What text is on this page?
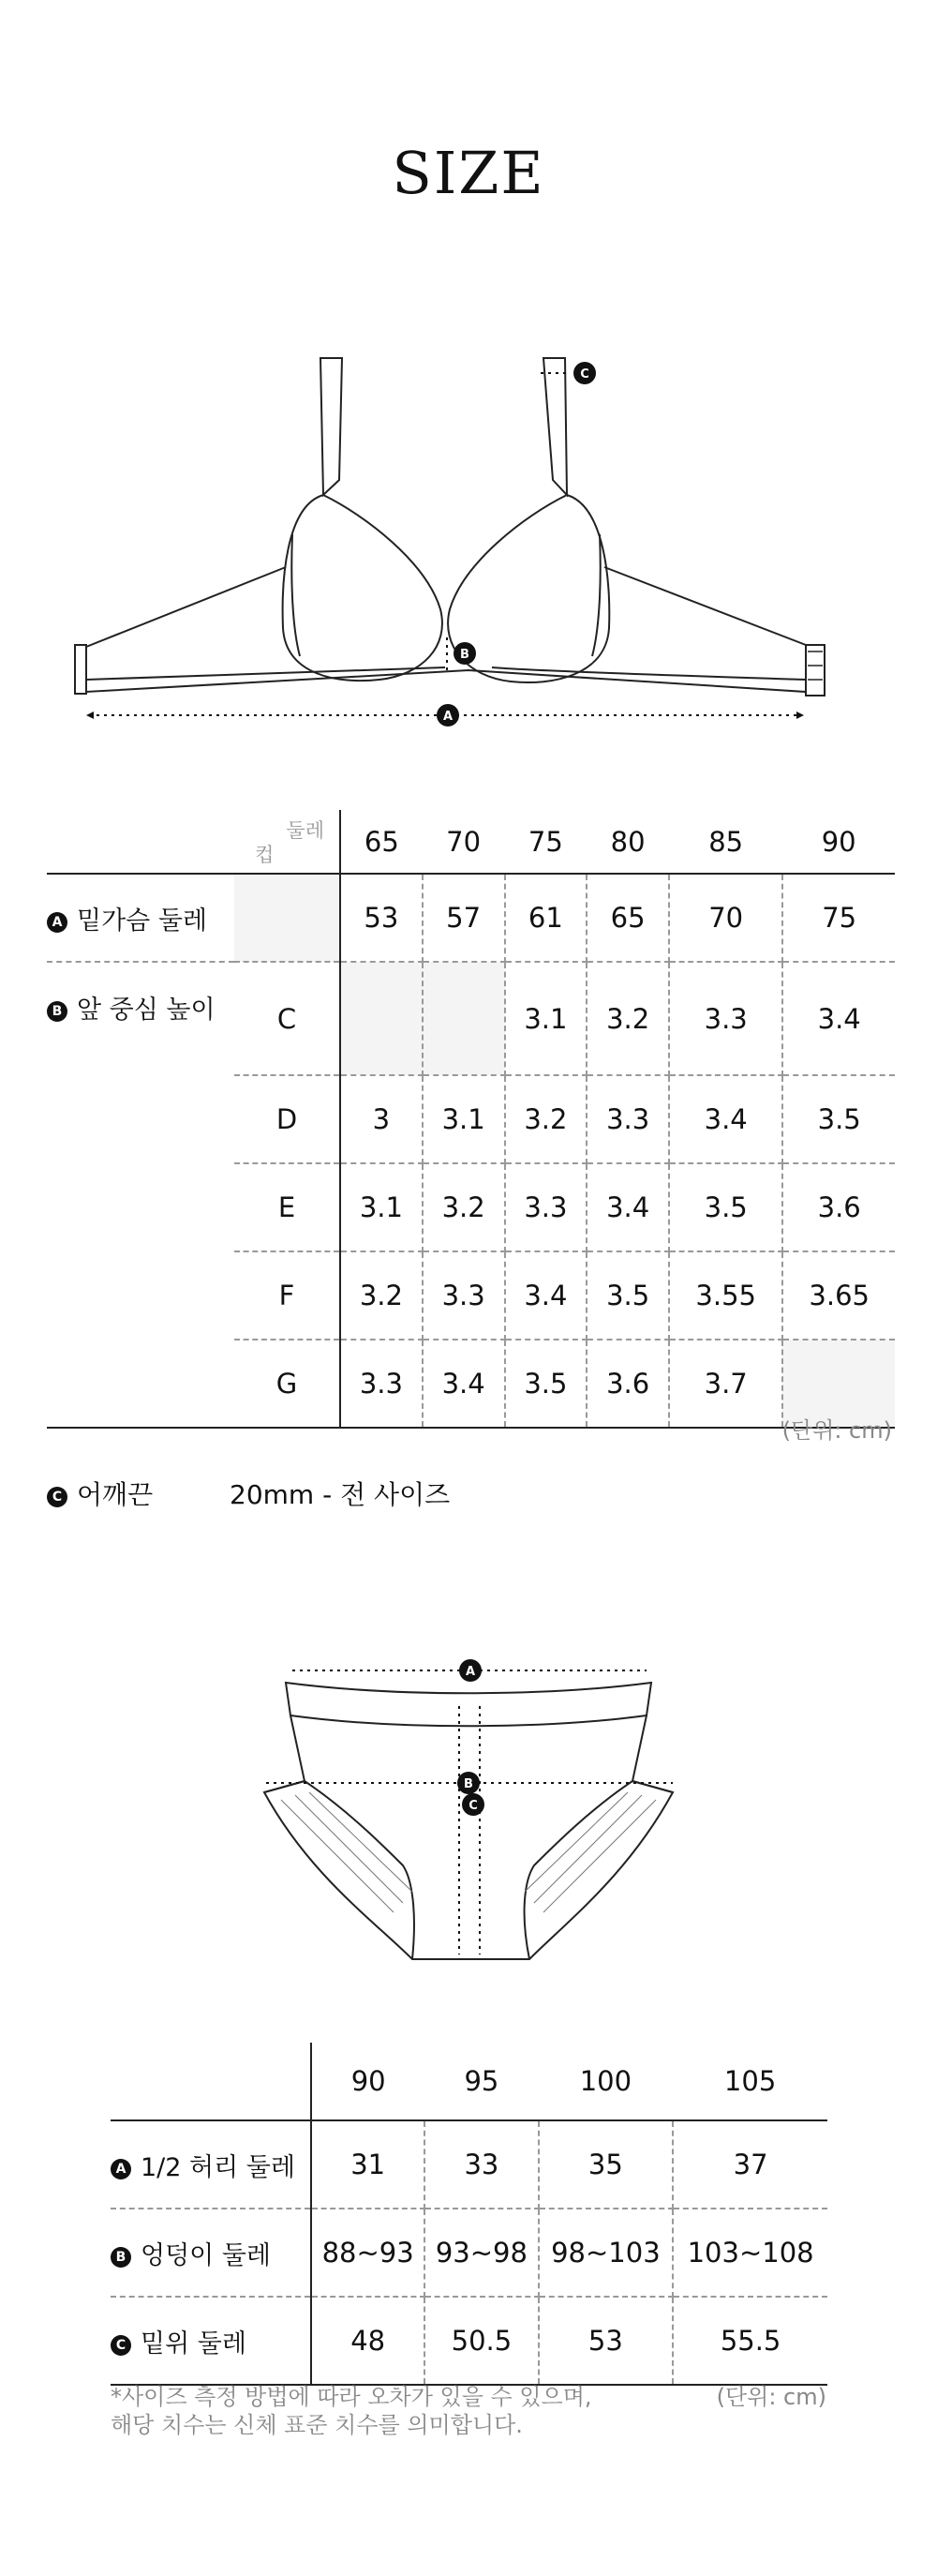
SIZE
A
B
C

	둘레
컵	65	70	75	80	85	90
A 밑가슴 둘레		53	57	61	65	70	75
B 앞 중심 높이	C			3.1	3.2	3.3	3.4
	D	3	3.1	3.2	3.3	3.4	3.5
	E	3.1	3.2	3.3	3.4	3.5	3.6
	F	3.2	3.3	3.4	3.5	3.55	3.65
	G	3.3	3.4	3.5	3.6	3.7	
(단위: cm)
C 어깨끈	20mm - 전 사이즈
A
B
C
	90	95	100	105
A 1/2 허리 둘레	31	33	35	37
B 엉덩이 둘레	88~93	93~98	98~103	103~108
C 밑위 둘레	48	50.5	53	55.5
*사이즈 측정 방법에 따라 오차가 있을 수 있으며,
해당 치수는 신체 표준 치수를 의미합니다.
(단위: cm)
